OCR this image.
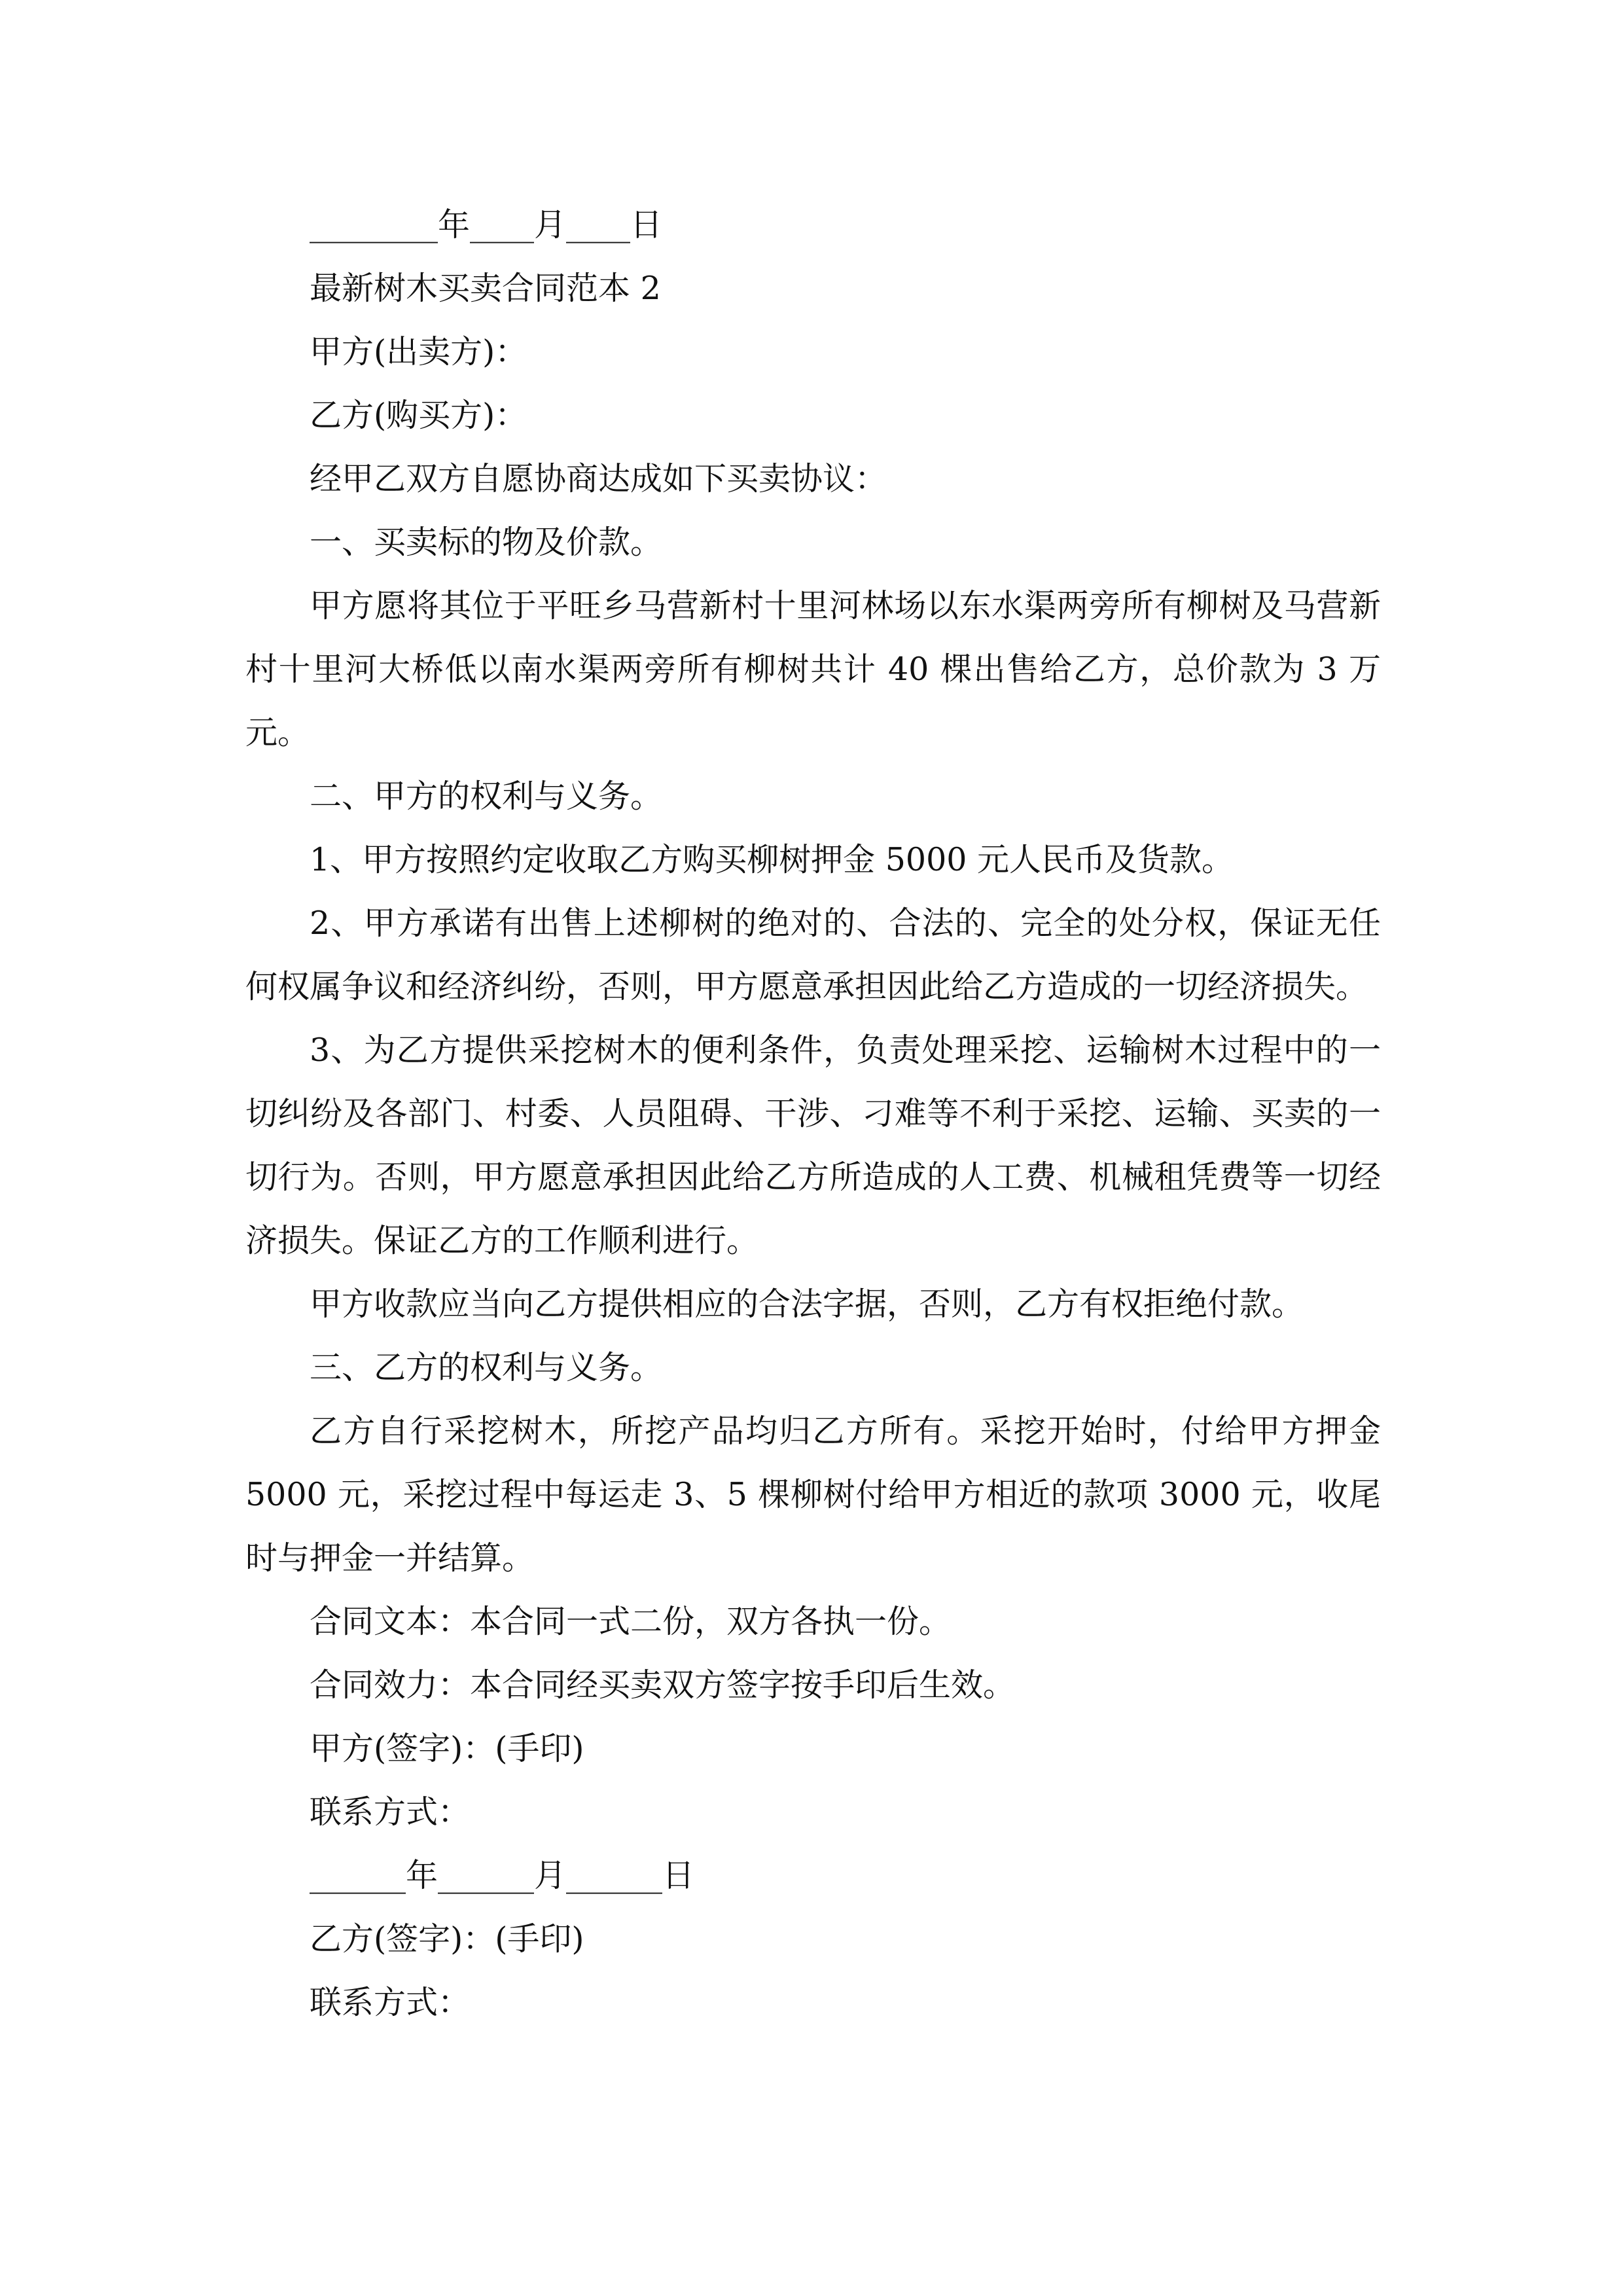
________年____月____日

最新树木买卖合同范本 2

甲方(出卖方)：

乙方(购买方)：

经甲乙双方自愿协商达成如下买卖协议：

一、买卖标的物及价款。

甲方愿将其位于平旺乡马营新村十里河林场以东水渠两旁所有柳树及马营新村十里河大桥低以南水渠两旁所有柳树共计 40 棵出售给乙方，总价款为 3 万元。

二、甲方的权利与义务。

1、甲方按照约定收取乙方购买柳树押金 5000 元人民币及货款。

2、甲方承诺有出售上述柳树的绝对的、合法的、完全的处分权，保证无任何权属争议和经济纠纷，否则，甲方愿意承担因此给乙方造成的一切经济损失。

3、为乙方提供采挖树木的便利条件，负责处理采挖、运输树木过程中的一切纠纷及各部门、村委、人员阻碍、干涉、刁难等不利于采挖、运输、买卖的一切行为。否则，甲方愿意承担因此给乙方所造成的人工费、机械租凭费等一切经济损失。保证乙方的工作顺利进行。

甲方收款应当向乙方提供相应的合法字据，否则，乙方有权拒绝付款。

三、乙方的权利与义务。

乙方自行采挖树木，所挖产品均归乙方所有。采挖开始时，付给甲方押金 5000 元，采挖过程中每运走 3、5 棵柳树付给甲方相近的款项 3000 元，收尾时与押金一并结算。

合同文本：本合同一式二份，双方各执一份。

合同效力：本合同经买卖双方签字按手印后生效。

甲方(签字)：(手印)

联系方式：

______年______月______日

乙方(签字)：(手印)

联系方式：
